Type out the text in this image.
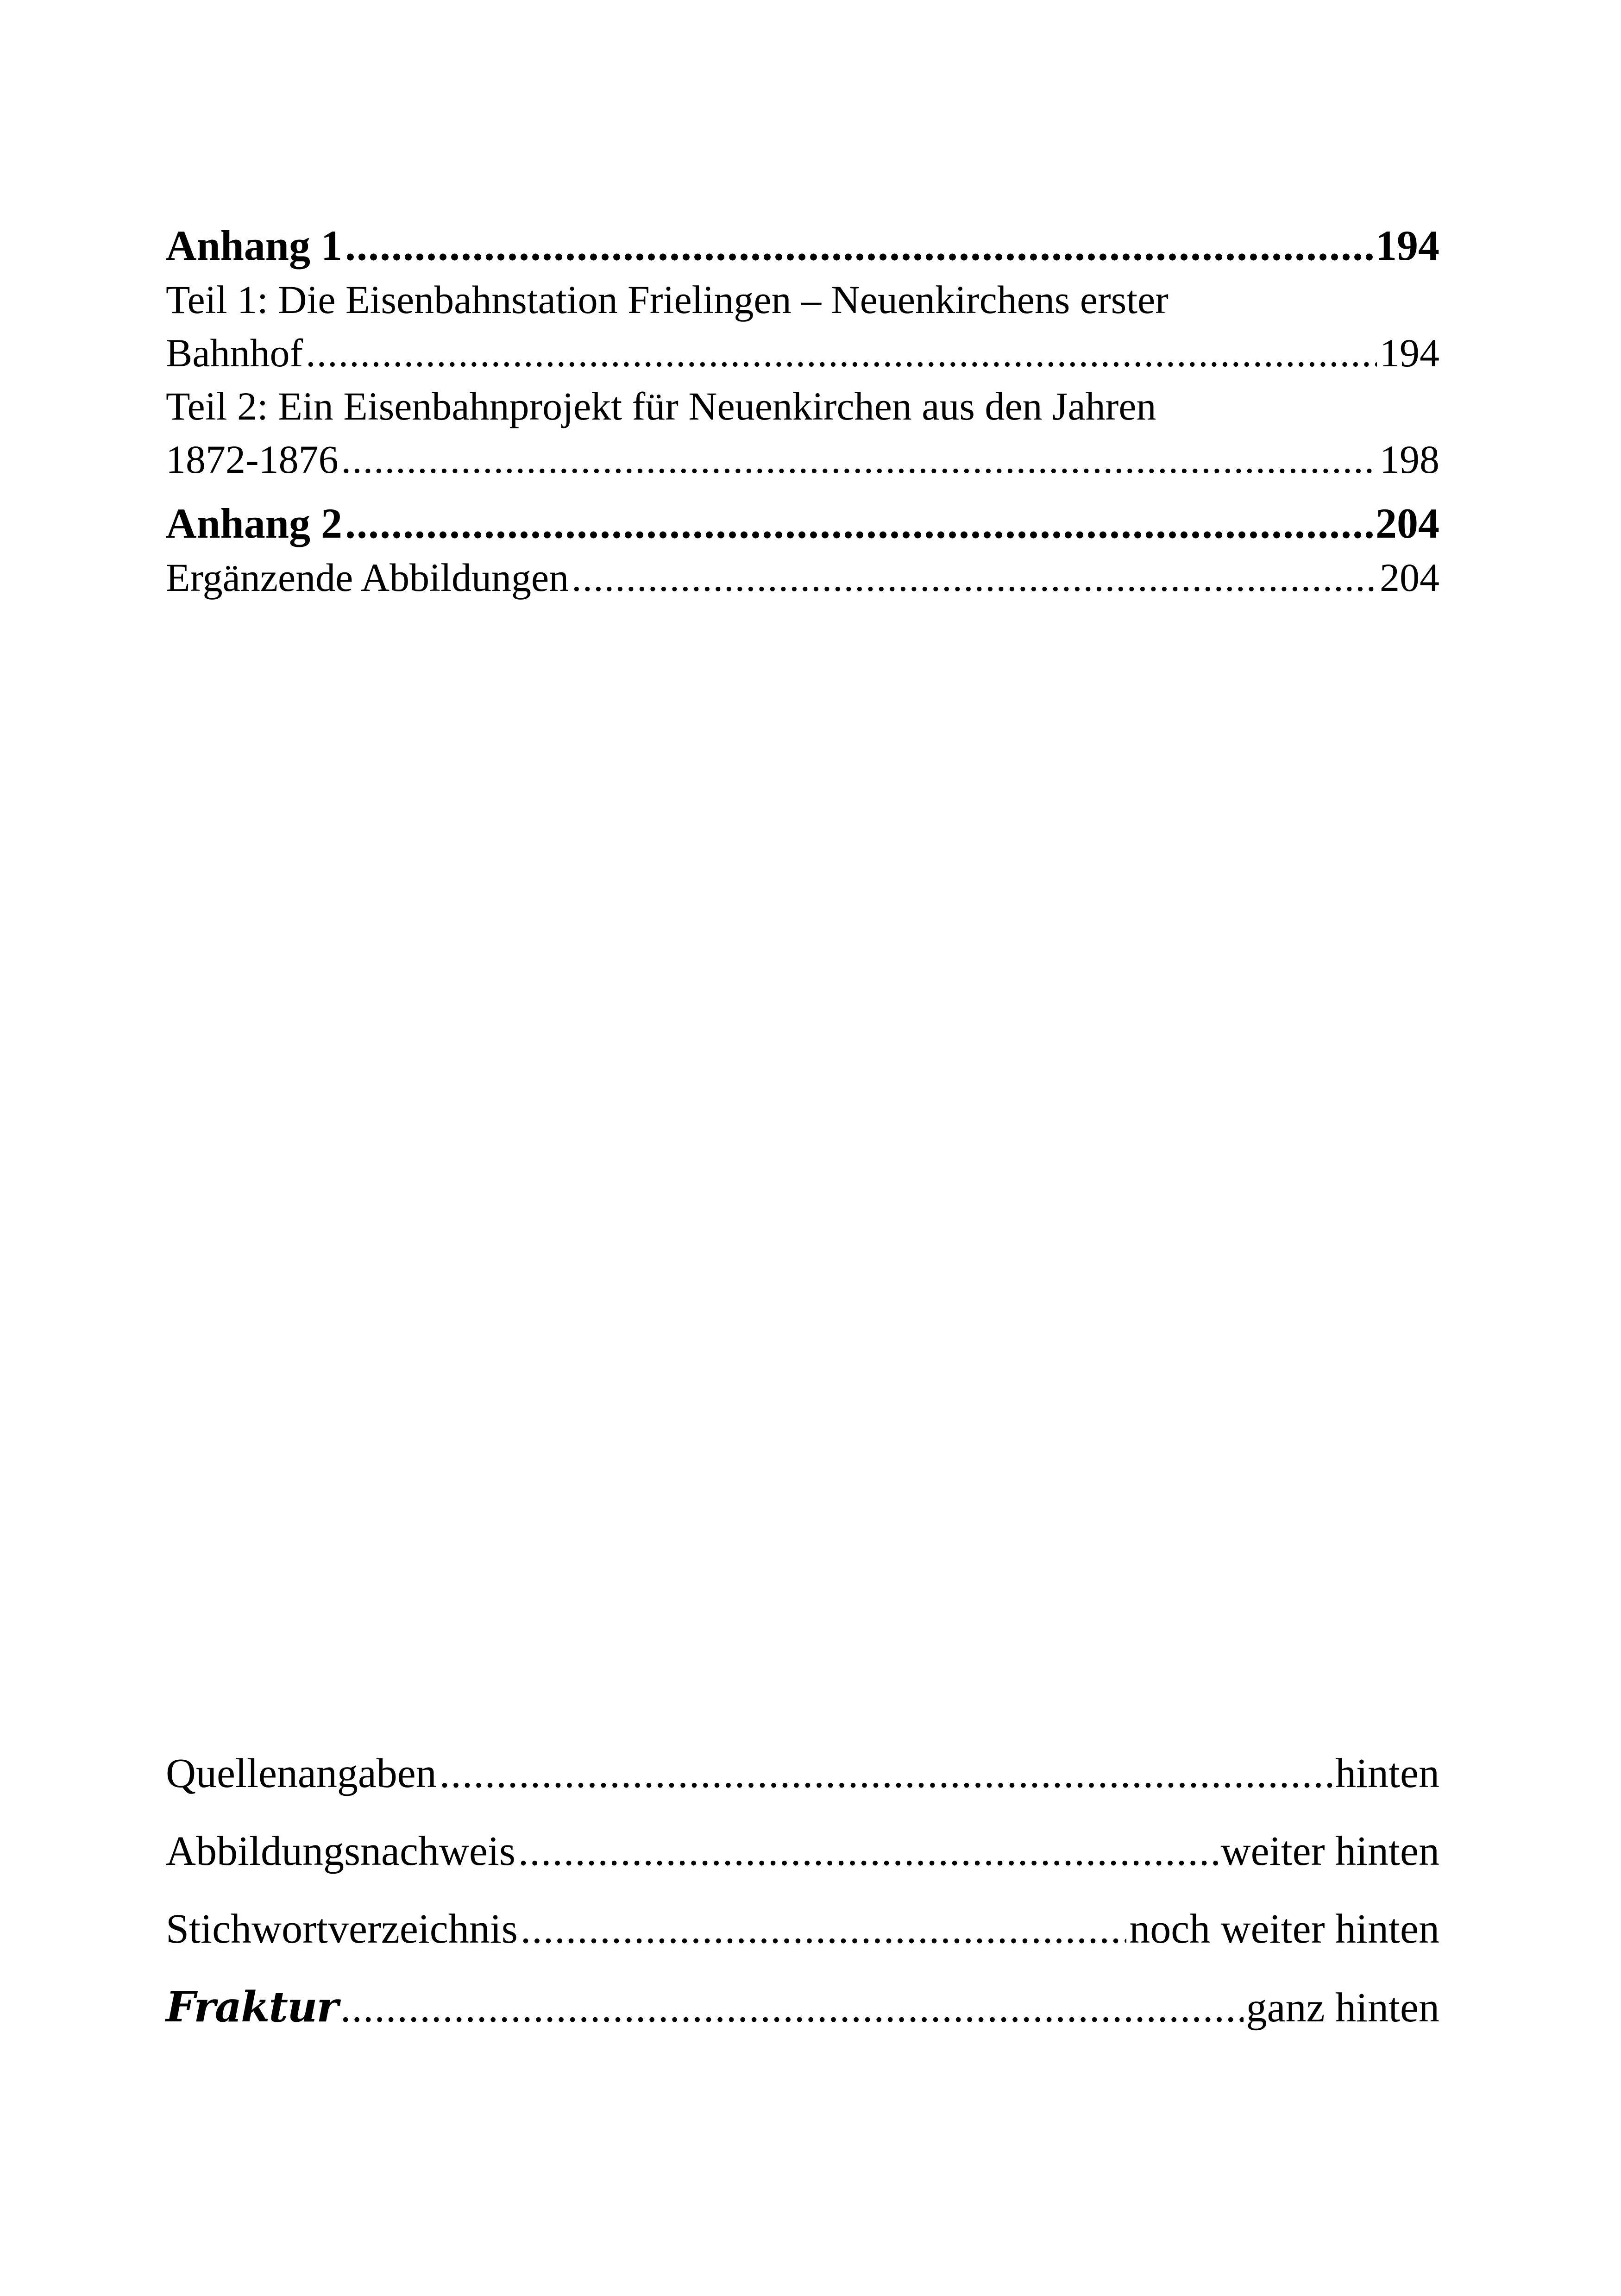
Anhang 1 .....	194
Teil 1: Die Eisenbahnstation Frielingen – Neuenkirchens erster
Bahnhof .....	194
Teil 2: Ein Eisenbahnprojekt für Neuenkirchen aus den Jahren
1872-1876 .....	198
Anhang 2 .....	204
Ergänzende Abbildungen .....	204
Quellenangaben .....	hinten
Abbildungsnachweis .....	weiter hinten
Stichwortverzeichnis .....	noch weiter hinten
Fraktur .....	ganz hinten
